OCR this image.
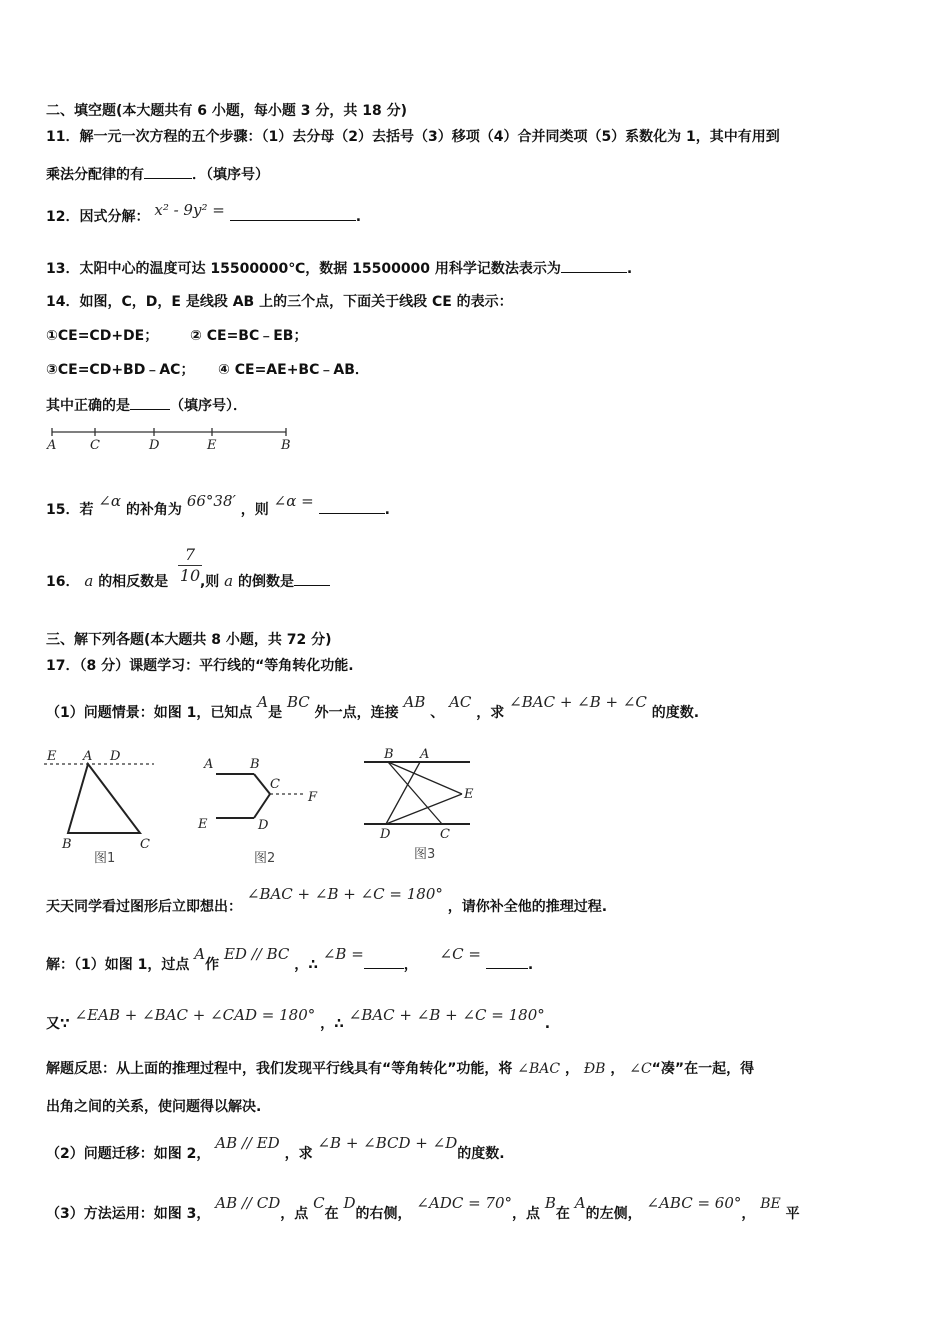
二、填空题(本大题共有 6 小题，每小题 3 分，共 18 分)
11．解一元一次方程的五个步骤：（1）去分母（2）去括号（3）移项（4）合并同类项（5）系数化为 1，其中有用到
乘法分配律的有	．（填序号）
12．因式分解： x² - 9y² =	.
13．太阳中心的温度可达 15500000℃，数据 15500000 用科学记数法表示为	.
14．如图，C，D，E 是线段 AB 上的三个点，下面关于线段 CE 的表示：
①CE=CD+DE； ② CE=BC﹣EB；
③CE=CD+BD﹣AC； ④ CE=AE+BC﹣AB．
其中正确的是	（填序号）．
A	C	D	E	B
15．若 ∠α 的补角为 66°38′ ，则 ∠α =	.
16． a 的相反数是 ,则 a 的倒数是
$\frac{7}{10}$
三、解下列各题(本大题共 8 小题，共 72 分)
17．（8 分）课题学习：平行线的“等角转化功能.
（1）问题情景：如图 1，已知点 A是 BC 外一点，连接 AB 、 AC ，求 ∠BAC + ∠B + ∠C 的度数.
E A D
B	C
图1
A	B
C
F
E	D
图2
B A
E
D	C
图3
天天同学看过图形后立即想出： ∠BAC + ∠B + ∠C = 180° ，请你补全他的推理过程.
解：（1）如图 1，过点 A作 ED // BC ，∴ ∠B =，  ∠C = .
又∵ ∠EAB + ∠BAC + ∠CAD = 180° ，∴ ∠BAC + ∠B + ∠C = 180°.
解题反思：从上面的推理过程中，我们发现平行线具有“等角转化”功能，将 ∠BAC ， ÐB ， ∠C“凑”在一起，得
出角之间的关系，使问题得以解决.
（2）问题迁移：如图 2， AB // ED ，求 ∠B + ∠BCD + ∠D的度数.
（3）方法运用：如图 3， AB // CD，点 C在 D的右侧， ∠ADC = 70°，点 B在 A的左侧， ∠ABC = 60°， BE 平
